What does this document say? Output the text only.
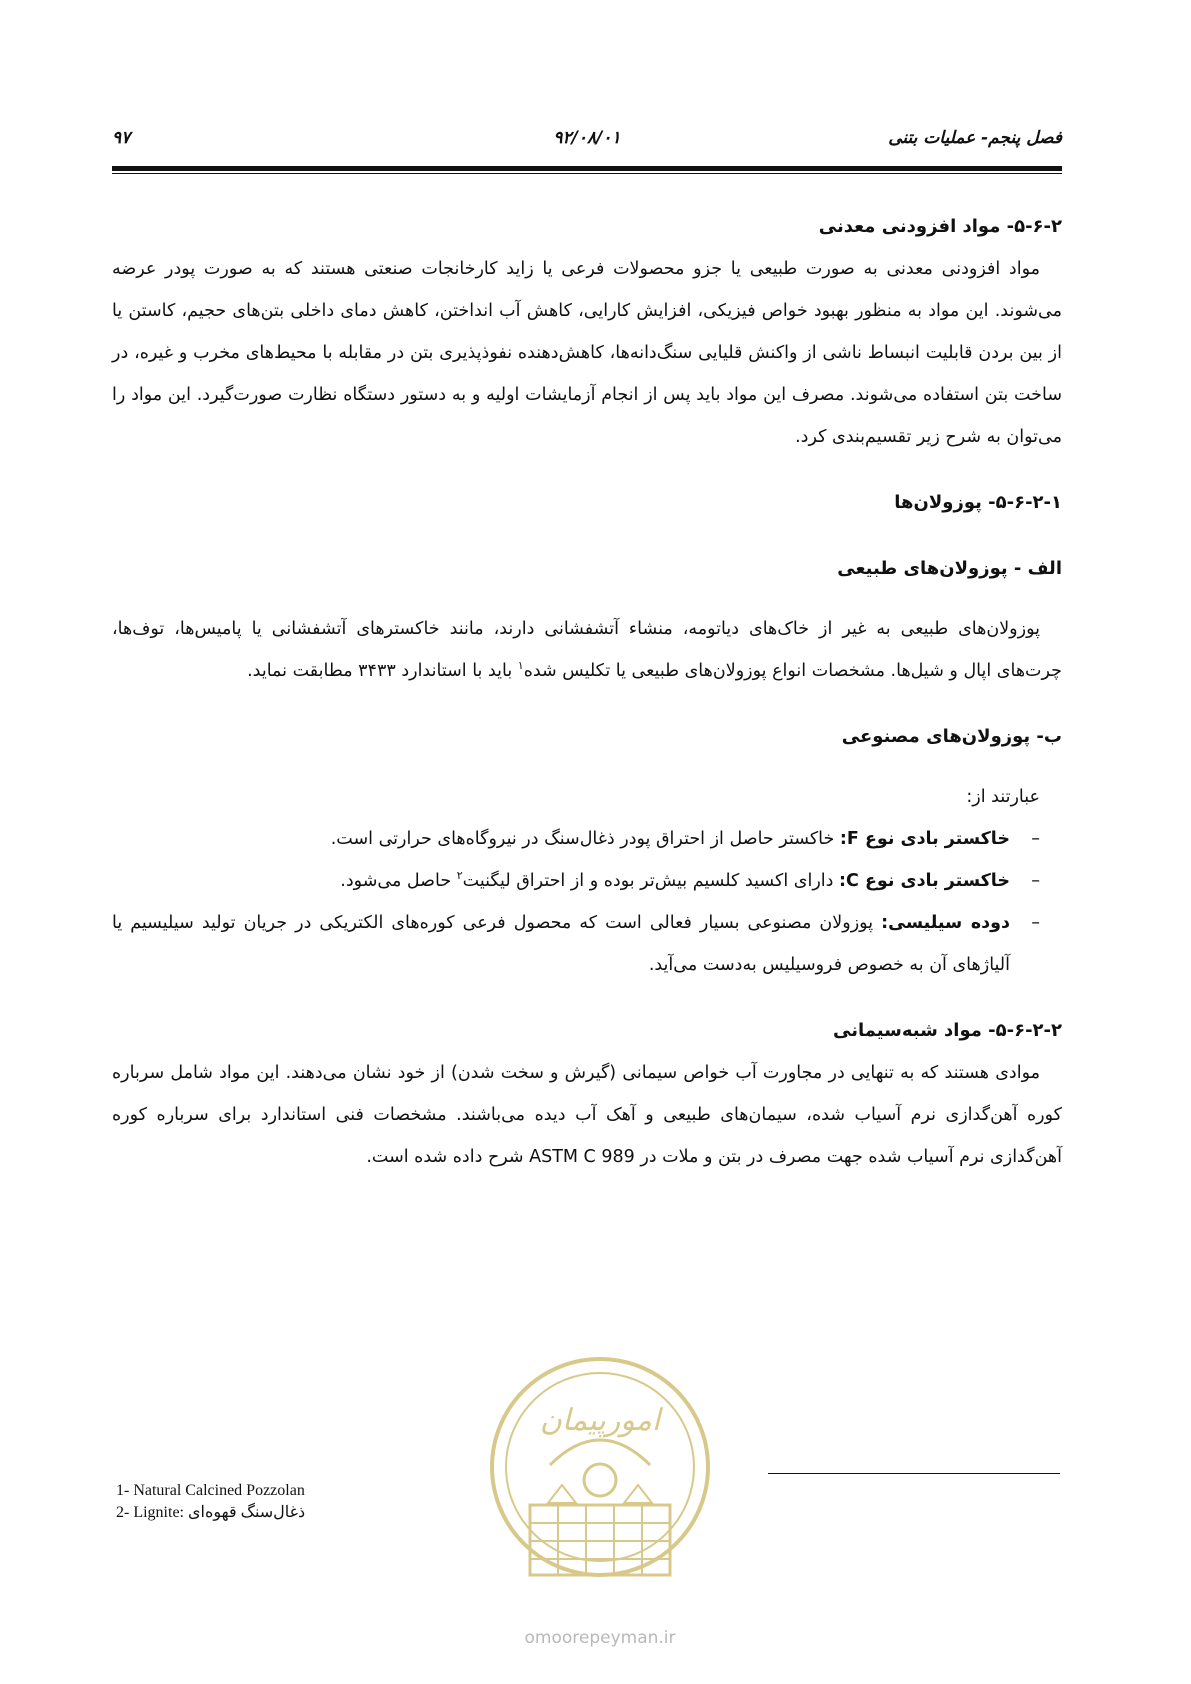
فصل پنجم- عملیات بتنی
۹۲/۰۸/۰۱
۹۷
۵-۶-۲- مواد افزودنی معدنی

مواد افزودنی معدنی به صورت طبیعی یا جزو محصولات فرعی یا زاید کارخانجات صنعتی هستند که به صورت پودر عرضه می‌شوند. این مواد به منظور بهبود خواص فیزیکی، افزایش کارایی، کاهش آب انداختن، کاهش دمای داخلی بتن‌های حجیم، کاستن یا از بین بردن قابلیت انبساط ناشی از واکنش قلیایی سنگ‌دانه‌ها، کاهش‌دهنده نفوذپذیری بتن در مقابله با محیط‌های مخرب و غیره، در ساخت بتن استفاده می‌شوند. مصرف این مواد باید پس از انجام آزمایشات اولیه و به دستور دستگاه نظارت صورت‌گیرد. این مواد را می‌توان به شرح زیر تقسیم‌بندی کرد.

۵-۶-۲-۱- پوزولان‌ها
الف - پوزولان‌های طبیعی

پوزولان‌های طبیعی به غیر از خاک‌های دیاتومه، منشاء آتشفشانی دارند، مانند خاکسترهای آتشفشانی یا پامیس‌ها، توف‌ها، چرت‌های اپال و شیل‌ها. مشخصات انواع پوزولان‌های طبیعی یا تکلیس شده$^۱$ باید با استاندارد ۳۴۳۳ مطابقت نماید.

ب- پوزولان‌های مصنوعی
عبارتند از:
–
خاکستر بادی نوع F: خاکستر حاصل از احتراق پودر ذغال‌سنگ در نیروگاه‌های حرارتی است.
–
خاکستر بادی نوع C: دارای اکسید کلسیم بیش‌تر بوده و از احتراق لیگنیت$^۲$ حاصل می‌شود.
–
دوده سیلیسی: پوزولان مصنوعی بسیار فعالی است که محصول فرعی کوره‌های الکتریکی در جریان تولید سیلیسیم یا آلیاژهای آن به خصوص فروسیلیس به‌دست می‌آید.
۵-۶-۲-۲- مواد شبه‌سیمانی

موادی هستند که به تنهایی در مجاورت آب خواص سیمانی (گیرش و سخت شدن) از خود نشان می‌دهند. این مواد شامل سرباره کوره آهن‌گدازی نرم آسیاب شده، سیمان‌های طبیعی و آهک آب دیده می‌باشند. مشخصات فنی استاندارد برای سرباره کوره آهن‌گدازی نرم آسیاب شده جهت مصرف در بتن و ملات در ASTM C 989 شرح داده شده است.

1- Natural Calcined Pozzolan
2- Lignite: ذغال‌سنگ قهوه‌ای
امورپیمان
omoorepeyman.ir
